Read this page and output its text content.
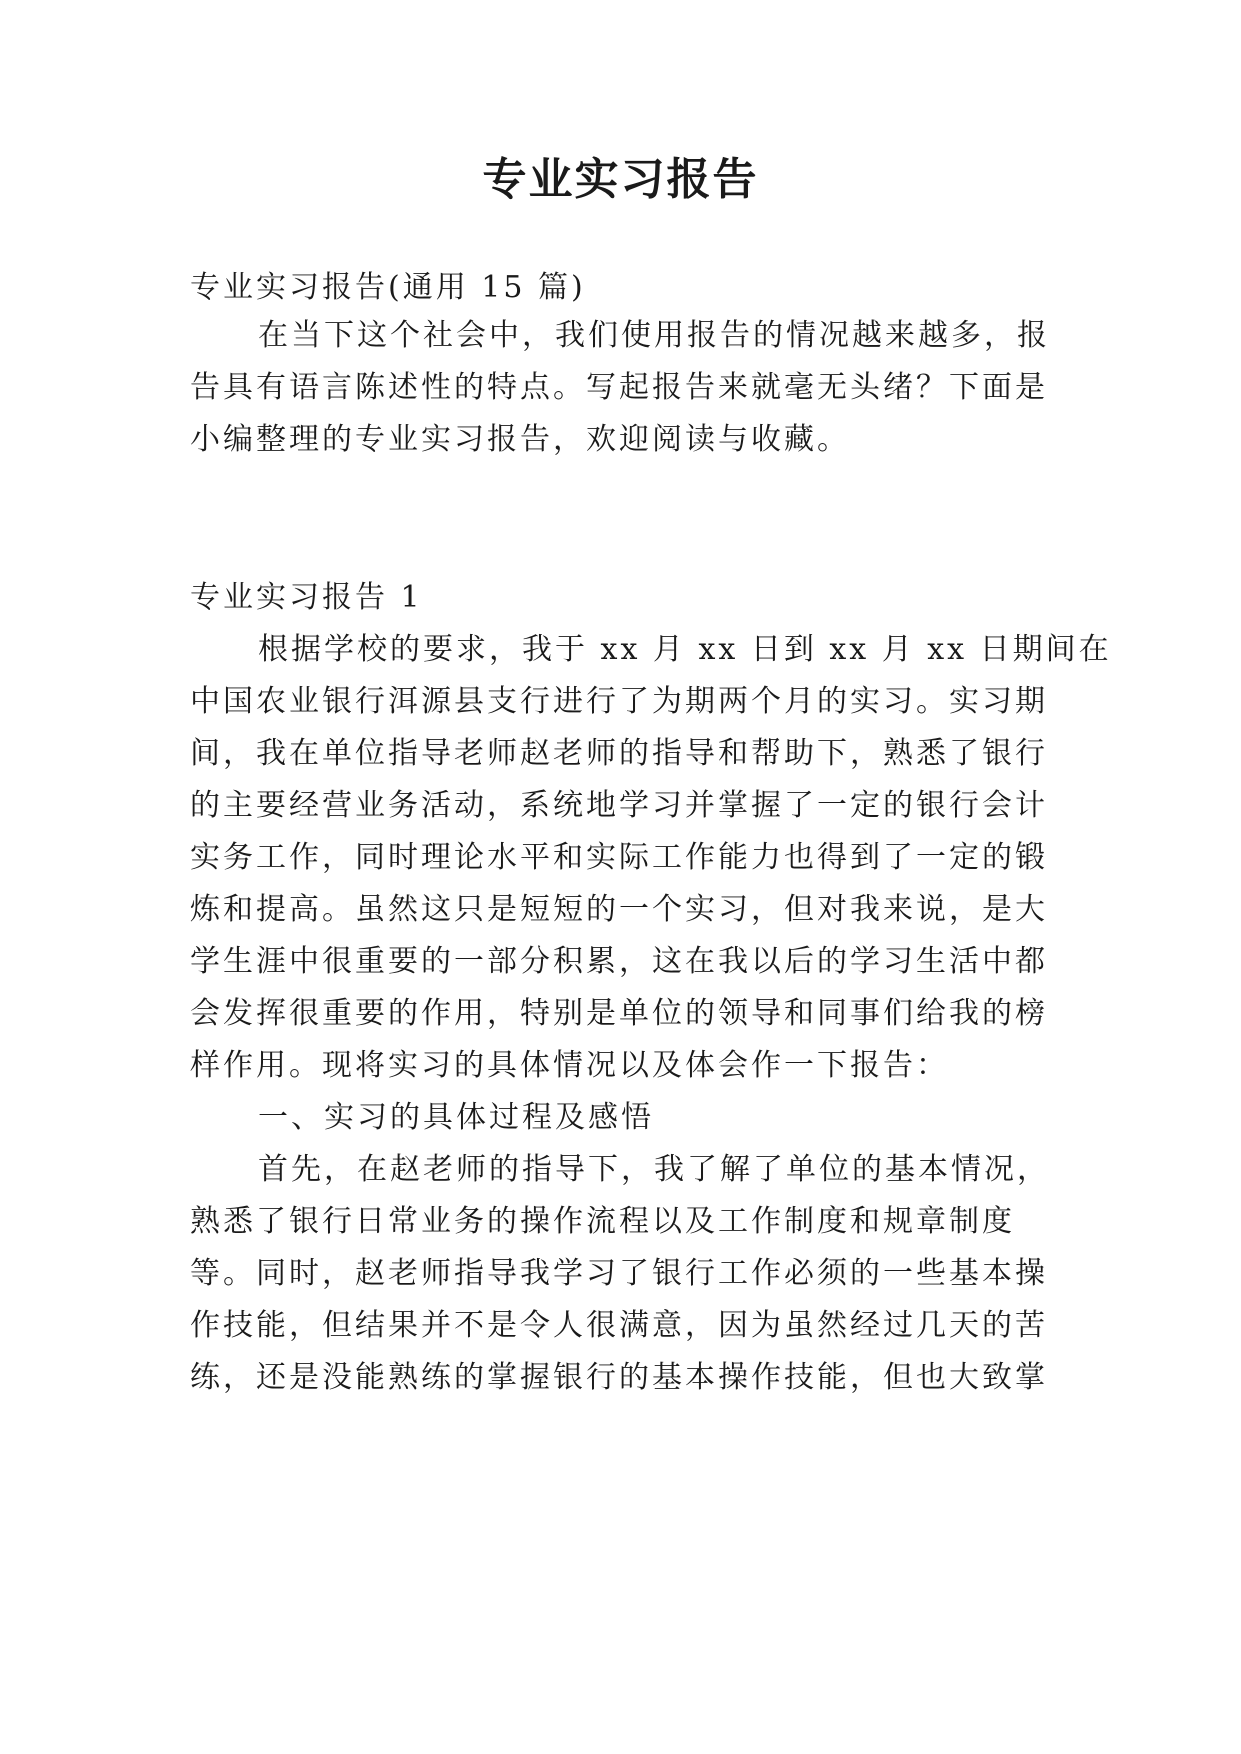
专业实习报告
专业实习报告(通用 15 篇)
在当下这个社会中，我们使用报告的情况越来越多，报
告具有语言陈述性的特点。写起报告来就毫无头绪？下面是
小编整理的专业实习报告，欢迎阅读与收藏。
专业实习报告 1
根据学校的要求，我于 xx 月 xx 日到 xx 月 xx 日期间在
中国农业银行洱源县支行进行了为期两个月的实习。实习期
间，我在单位指导老师赵老师的指导和帮助下，熟悉了银行
的主要经营业务活动，系统地学习并掌握了一定的银行会计
实务工作，同时理论水平和实际工作能力也得到了一定的锻
炼和提高。虽然这只是短短的一个实习，但对我来说，是大
学生涯中很重要的一部分积累，这在我以后的学习生活中都
会发挥很重要的作用，特别是单位的领导和同事们给我的榜
样作用。现将实习的具体情况以及体会作一下报告：
一、实习的具体过程及感悟
首先，在赵老师的指导下，我了解了单位的基本情况，
熟悉了银行日常业务的操作流程以及工作制度和规章制度
等。同时，赵老师指导我学习了银行工作必须的一些基本操
作技能，但结果并不是令人很满意，因为虽然经过几天的苦
练，还是没能熟练的掌握银行的基本操作技能，但也大致掌
